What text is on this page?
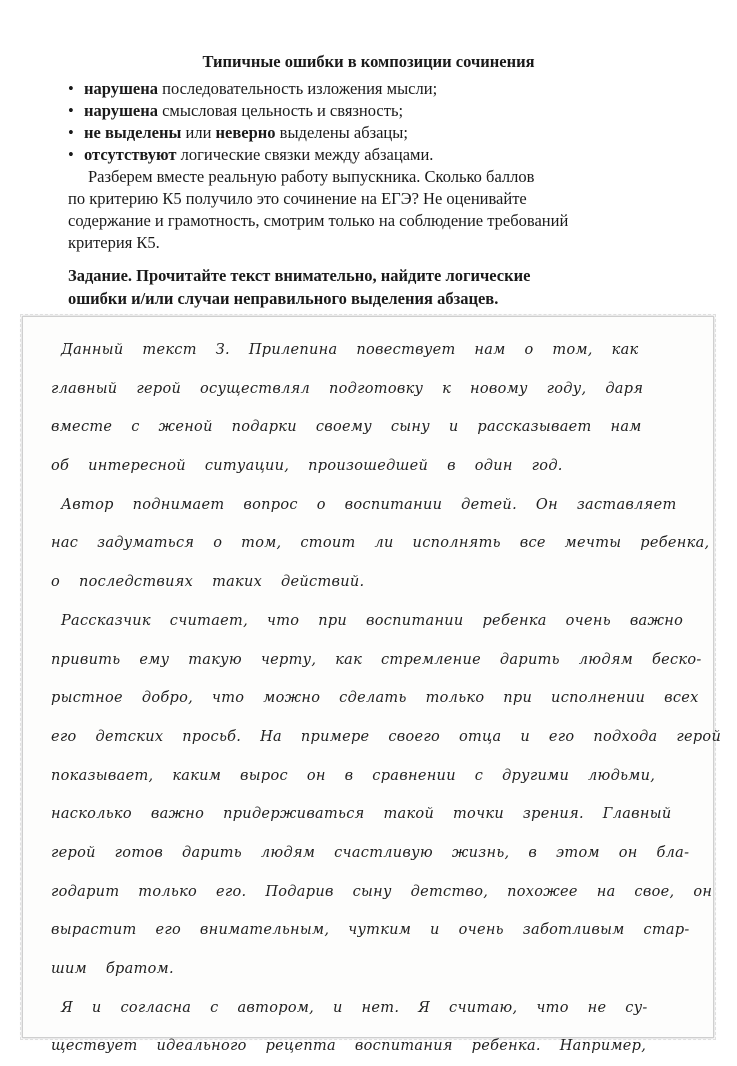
Типичные ошибки в композиции сочинения
• нарушена последовательность изложения мысли;
• нарушена смысловая цельность и связность;
• не выделены или неверно выделены абзацы;
• отсутствуют логические связки между абзацами.
Разберем вместе реальную работу выпускника. Сколько баллов
по критерию К5 получило это сочинение на ЕГЭ? Не оценивайте
содержание и грамотность, смотрим только на соблюдение требований
критерия К5.
Задание. Прочитайте текст внимательно, найдите логические
ошибки и/или случаи неправильного выделения абзацев.
Данный текст З. Прилепина повествует нам о том, как
главный герой осуществлял подготовку к новому году, даря
вместе с женой подарки своему сыну и рассказывает нам
об интересной ситуации, произошедшей в один год.
Автор поднимает вопрос о воспитании детей. Он заставляет
нас задуматься о том, стоит ли исполнять все мечты ребенка,
о последствиях таких действий.
Рассказчик считает, что при воспитании ребенка очень важно
привить ему такую черту, как стремление дарить людям беско-
рыстное добро, что можно сделать только при исполнении всех
его детских просьб. На примере своего отца и его подхода герой
показывает, каким вырос он в сравнении с другими людьми,
насколько важно придерживаться такой точки зрения. Главный
герой готов дарить людям счастливую жизнь, в этом он бла-
годарит только его. Подарив сыну детство, похожее на свое, он
вырастит его внимательным, чутким и очень заботливым стар-
шим братом.
Я и согласна с автором, и нет. Я считаю, что не су-
ществует идеального рецепта воспитания ребенка. Например,
